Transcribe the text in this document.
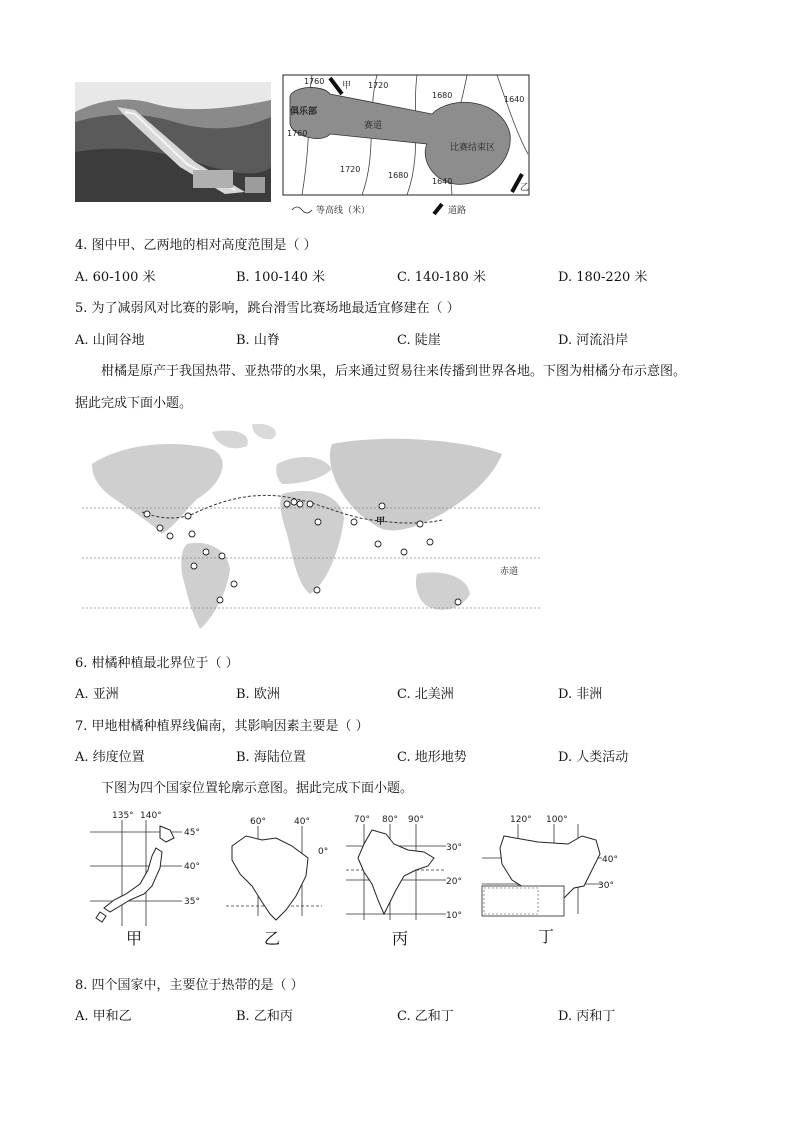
1760	1720
1680	1640
1760
1720
1680
1640
甲
乙
俱乐部
赛道
比赛结束区
等高线（米）	道路
4. 图中甲、乙两地的相对高度范围是（ ）
A. 60-100 米	B. 100-140 米	C. 140-180 米	D. 180-220 米
5. 为了减弱风对比赛的影响，跳台滑雪比赛场地最适宜修建在（ ）
A. 山间谷地	B. 山脊	C. 陡崖	D. 河流沿岸
柑橘是原产于我国热带、亚热带的水果，后来通过贸易往来传播到世界各地。下图为柑橘分布示意图。
据此完成下面小题。
甲
赤道
6. 柑橘种植最北界位于（ ）
A. 亚洲	B. 欧洲	C. 北美洲	D. 非洲
7. 甲地柑橘种植界线偏南，其影响因素主要是（ ）
A. 纬度位置	B. 海陆位置	C. 地形地势	D. 人类活动
下图为四个国家位置轮廓示意图。据此完成下面小题。
135° 140°
45°
40°
35°
甲
60°	40°
0°
乙
70° 80° 90°
30°
20°
10°
丙
120° 100°
40°
30°
丁
8. 四个国家中，主要位于热带的是（ ）
A. 甲和乙	B. 乙和丙	C. 乙和丁	D. 丙和丁
